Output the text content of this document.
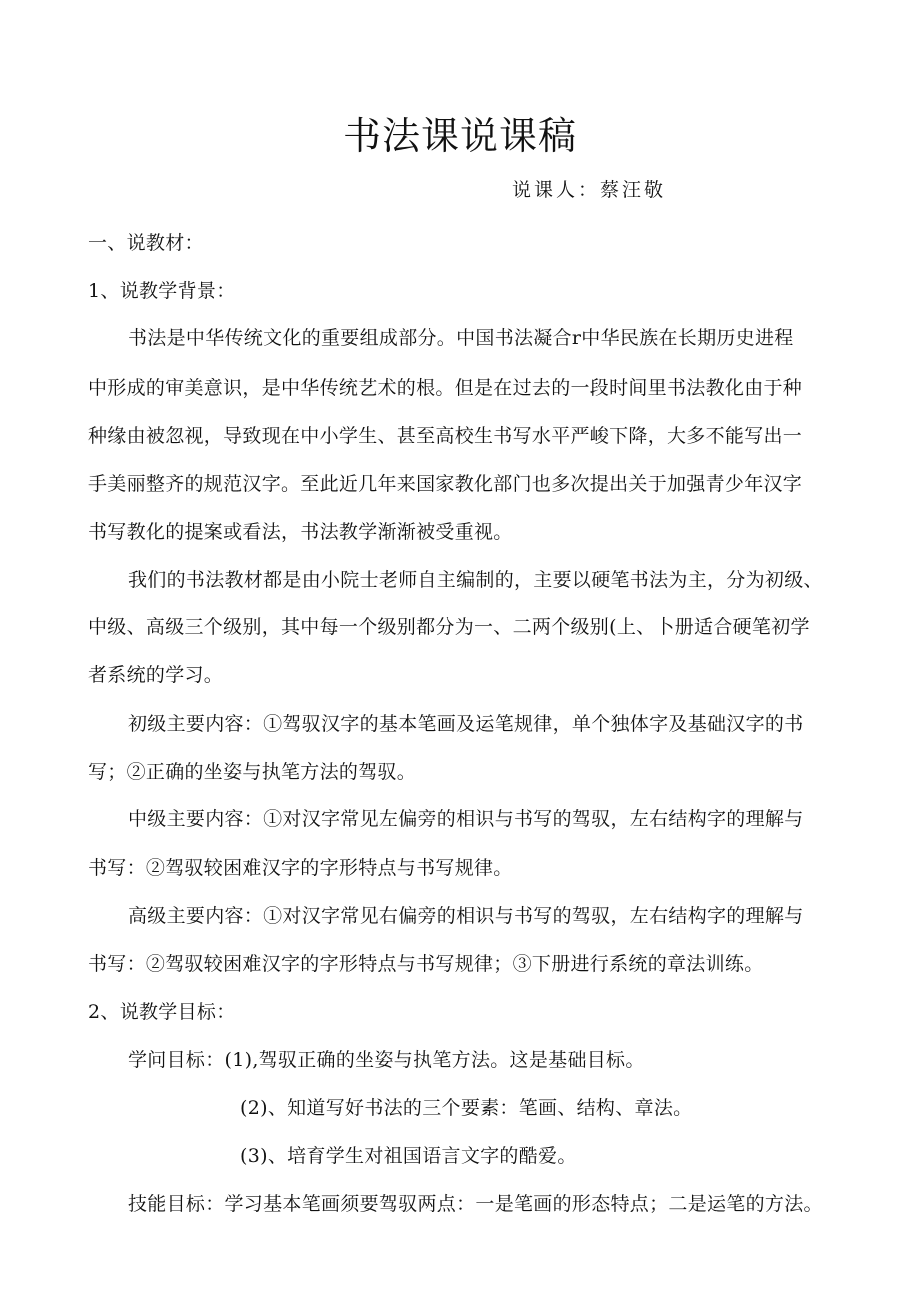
书法课说课稿
说课人：蔡汪敬
一、说教材：
1、说教学背景：
书法是中华传统文化的重要组成部分。中国书法凝合r中华民族在长期历史进程
中形成的审美意识，是中华传统艺术的根。但是在过去的一段时间里书法教化由于种
种缘由被忽视，导致现在中小学生、甚至高校生书写水平严峻下降，大多不能写出一
手美丽整齐的规范汉字。至此近几年来国家教化部门也多次提出关于加强青少年汉字
书写教化的提案或看法，书法教学渐渐被受重视。
我们的书法教材都是由小院士老师自主编制的，主要以硬笔书法为主，分为初级、
中级、高级三个级别，其中每一个级别都分为一、二两个级别(上、卜册适合硬笔初学
者系统的学习。
初级主要内容：①驾驭汉字的基本笔画及运笔规律，单个独体字及基础汉字的书
写；②正确的坐姿与执笔方法的驾驭。
中级主要内容：①对汉字常见左偏旁的相识与书写的驾驭，左右结构字的理解与
书写：②驾驭较困难汉字的字形特点与书写规律。
高级主要内容：①对汉字常见右偏旁的相识与书写的驾驭，左右结构字的理解与
书写：②驾驭较困难汉字的字形特点与书写规律；③下册进行系统的章法训练。
2、说教学目标：
学问目标：(1),驾驭正确的坐姿与执笔方法。这是基础目标。
(2)、知道写好书法的三个要素：笔画、结构、章法。
(3)、培育学生对祖国语言文字的酷爱。
技能目标：学习基本笔画须要驾驭两点：一是笔画的形态特点；二是运笔的方法。
